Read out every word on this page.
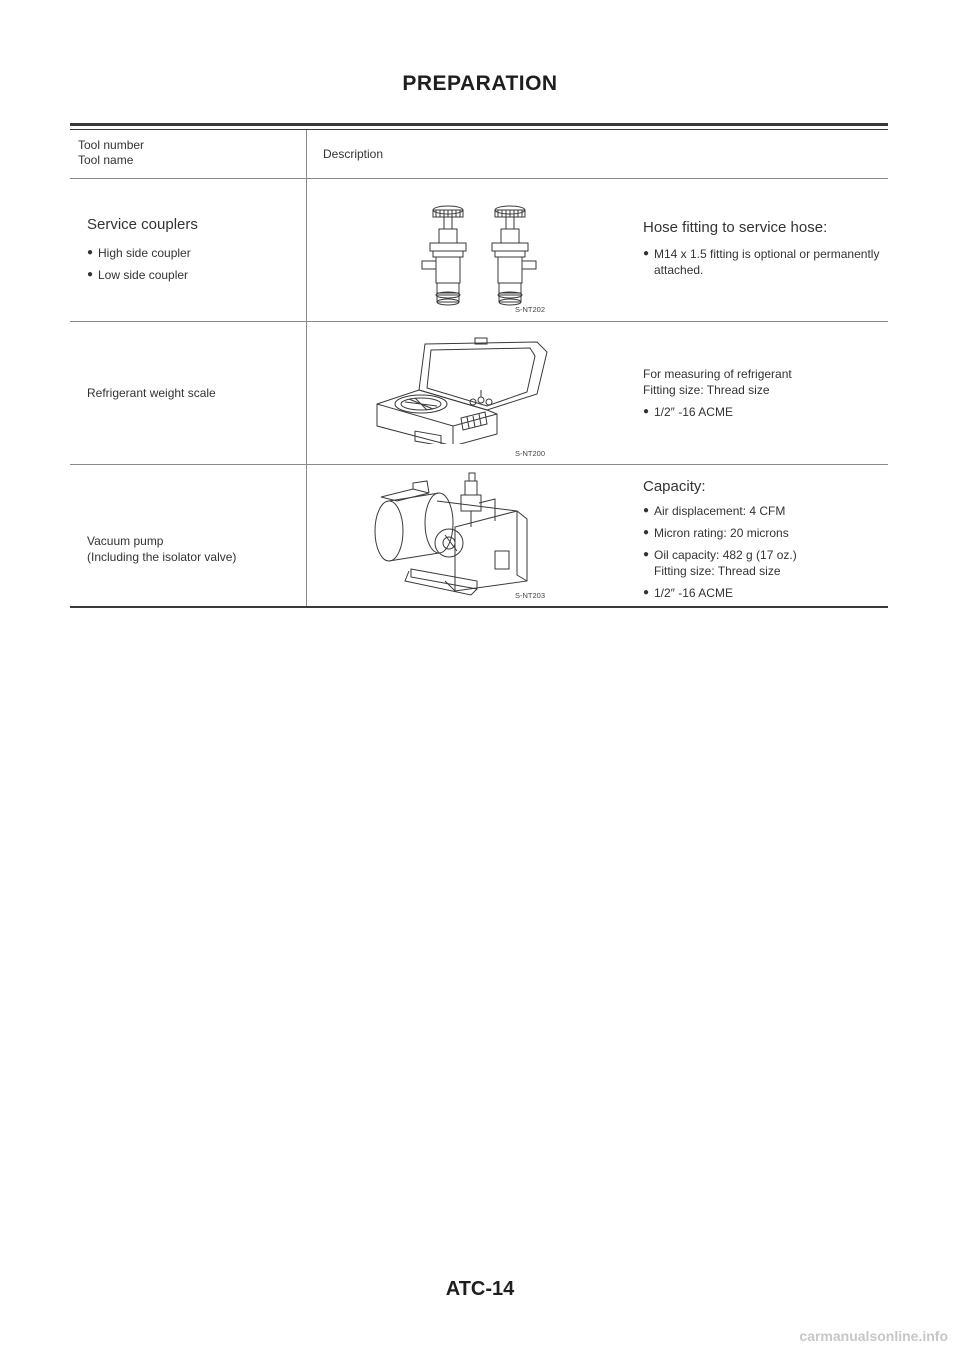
PREPARATION
Tool number
Tool name	Description
Service couplers
● High side coupler
● Low side coupler
S-NT202
Hose fitting to service hose:
● M14 x 1.5 fitting is optional or permanently attached.
Refrigerant weight scale
S-NT200
For measuring of refrigerant
Fitting size: Thread size
● 1/2″ -16 ACME
Vacuum pump
(Including the isolator valve)
S-NT203
Capacity:
● Air displacement: 4 CFM
● Micron rating: 20 microns
● Oil capacity: 482 g (17 oz.)
Fitting size: Thread size
● 1/2″ -16 ACME
ATC-14
carmanualsonline.info
